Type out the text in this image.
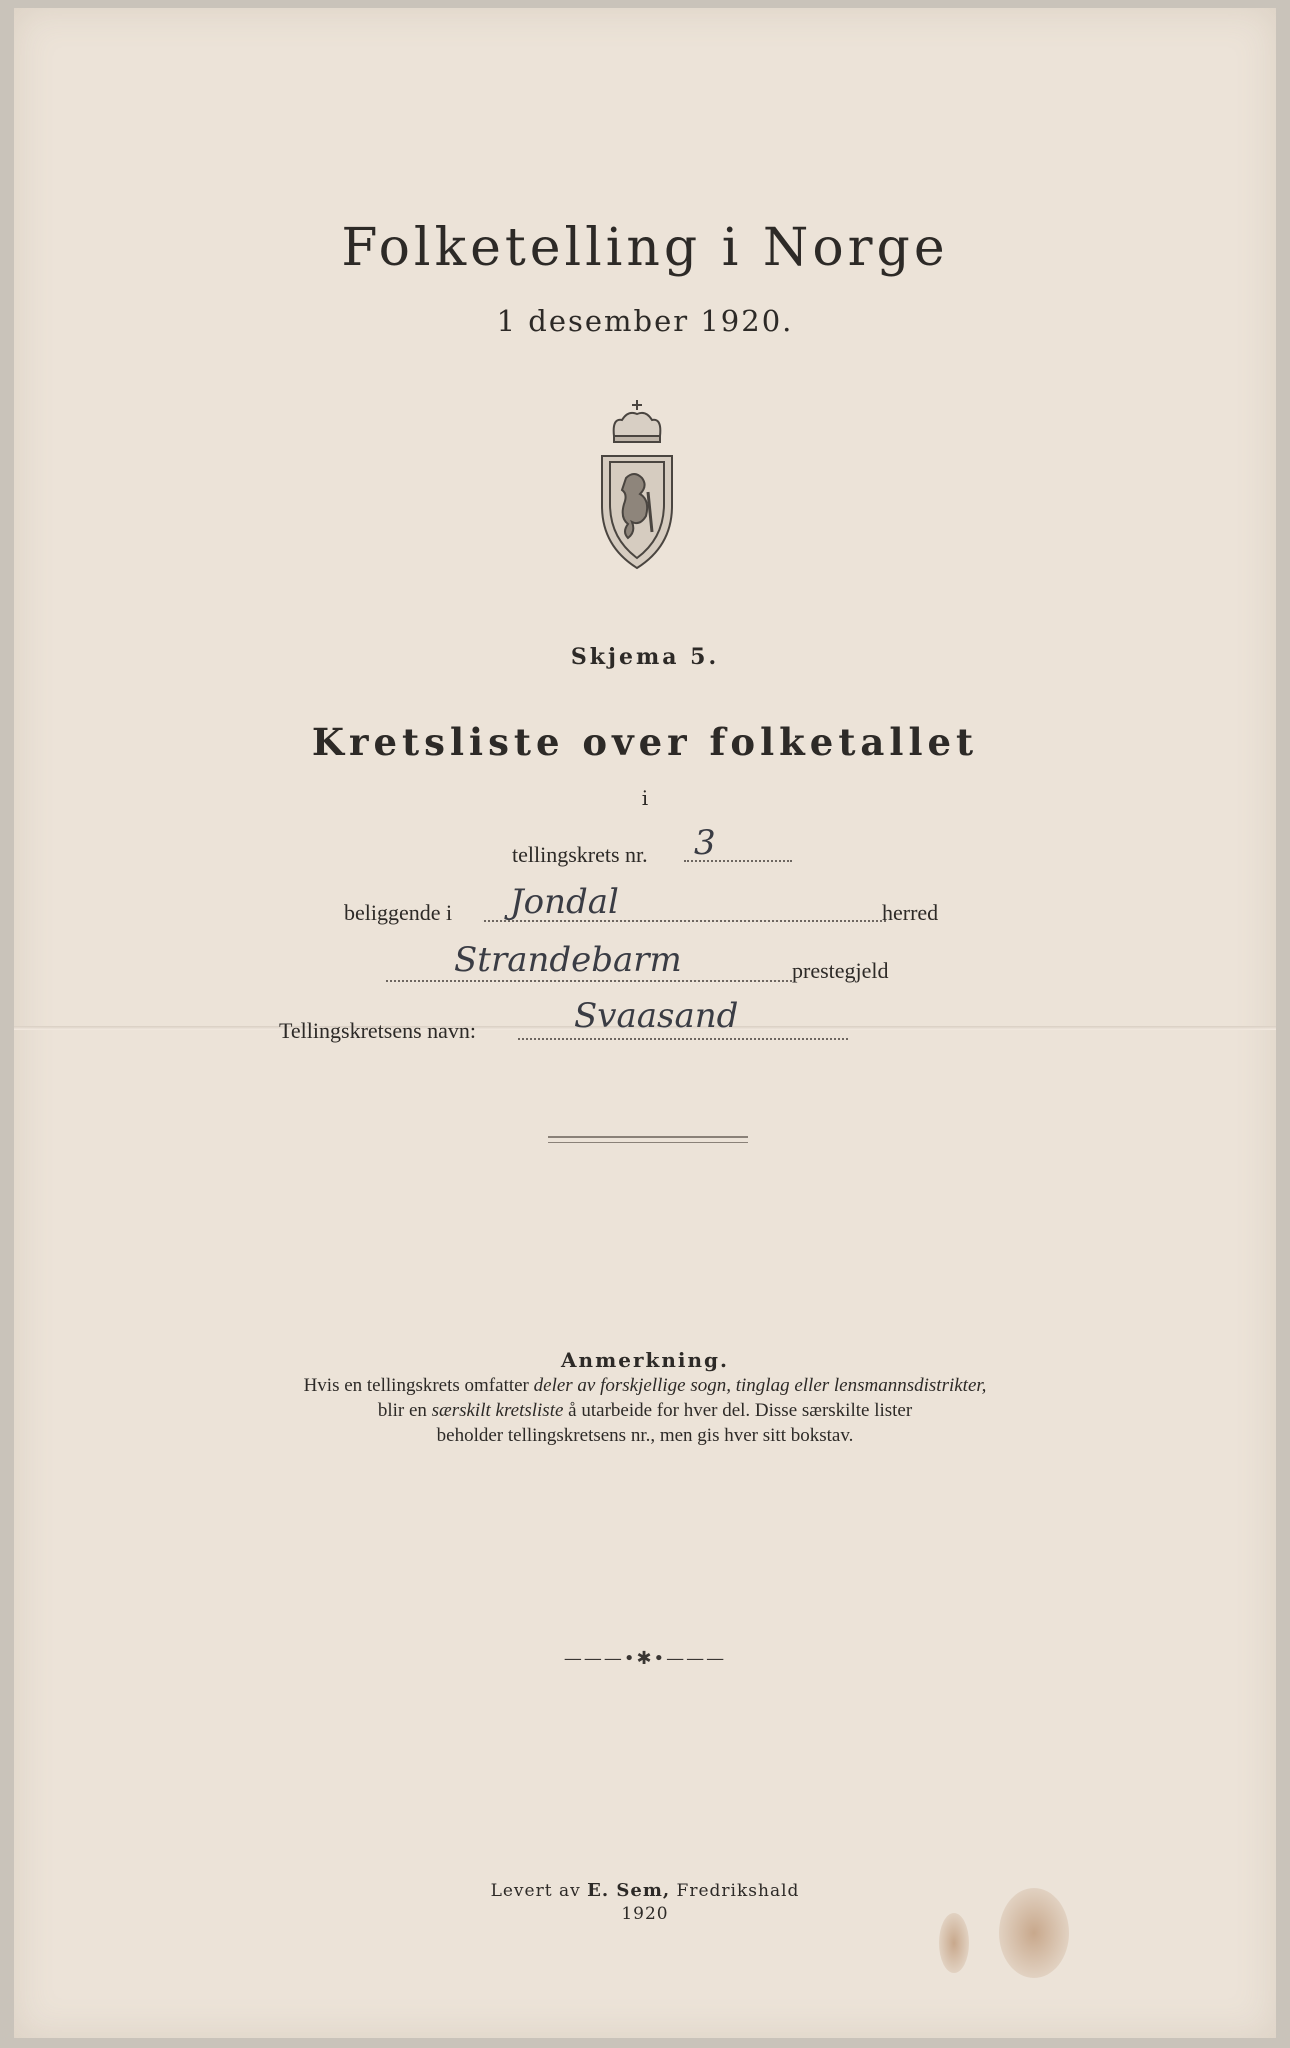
Folketelling i Norge
1 desember 1920.
Skjema 5.
Kretsliste over folketallet
i
tellingskrets nr. 3
beliggende i Jondal	herred
Strandebarm	prestegjeld
Tellingskretsens navn:	Svaasand
Anmerkning.
Hvis en tellingskrets omfatter deler av forskjellige sogn, tinglag eller lensmannsdistrikter,
blir en særskilt kretsliste å utarbeide for hver del. Disse særskilte lister
beholder tellingskretsens nr., men gis hver sitt bokstav.
———•✱•———
Levert av E. Sem, Fredrikshald
1920
